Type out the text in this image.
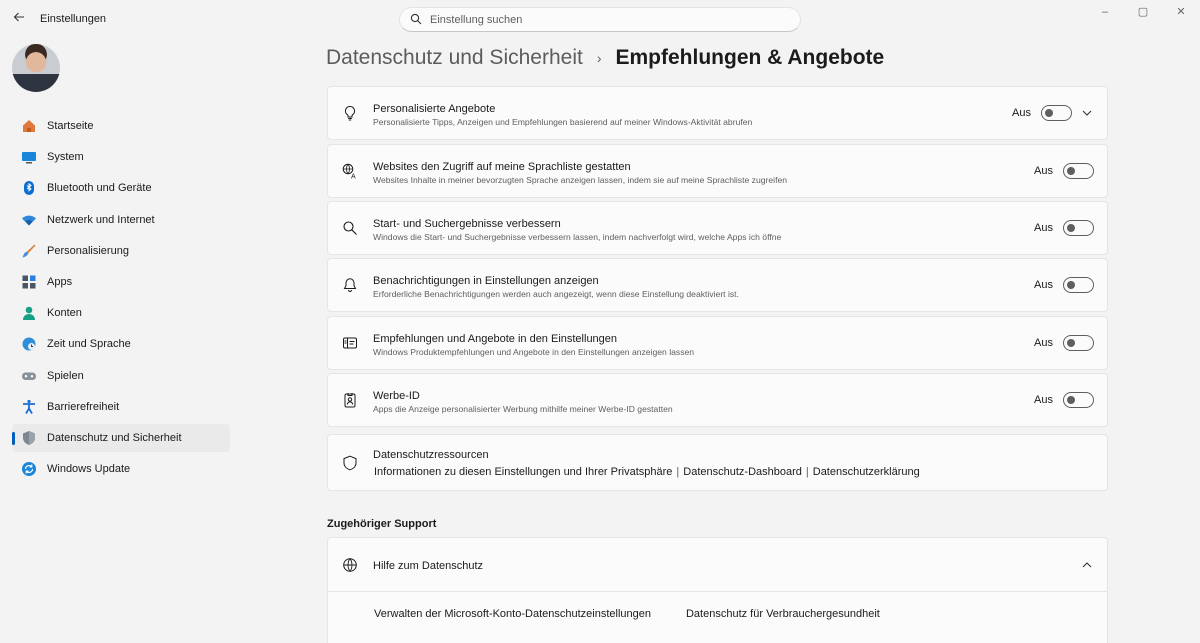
Einstellungen
Einstellung suchen
–	▢	✕
Startseite
System
Bluetooth und Geräte
Netzwerk und Internet
Personalisierung
Apps
Konten
Zeit und Sprache
Spielen
Barrierefreiheit
Datenschutz und Sicherheit
Windows Update
Datenschutz und Sicherheit › Empfehlungen & Angebote
Personalisierte Angebote
Personalisierte Tipps, Anzeigen und Empfehlungen basierend auf meiner Windows-Aktivität abrufen
Aus
A
Websites den Zugriff auf meine Sprachliste gestatten
Websites Inhalte in meiner bevorzugten Sprache anzeigen lassen, indem sie auf meine Sprachliste zugreifen
Aus
Start- und Suchergebnisse verbessern
Windows die Start- und Suchergebnisse verbessern lassen, indem nachverfolgt wird, welche Apps ich öffne
Aus
Benachrichtigungen in Einstellungen anzeigen
Erforderliche Benachrichtigungen werden auch angezeigt, wenn diese Einstellung deaktiviert ist.
Aus
Empfehlungen und Angebote in den Einstellungen
Windows Produktempfehlungen und Angebote in den Einstellungen anzeigen lassen
Aus
Werbe-ID
Apps die Anzeige personalisierter Werbung mithilfe meiner Werbe-ID gestatten
Aus
Datenschutzressourcen
Informationen zu diesen Einstellungen und Ihrer Privatsphäre | Datenschutz-Dashboard | Datenschutzerklärung
Zugehöriger Support
Hilfe zum Datenschutz
Verwalten der Microsoft-Konto-Datenschutzeinstellungen	Datenschutz für Verbrauchergesundheit
